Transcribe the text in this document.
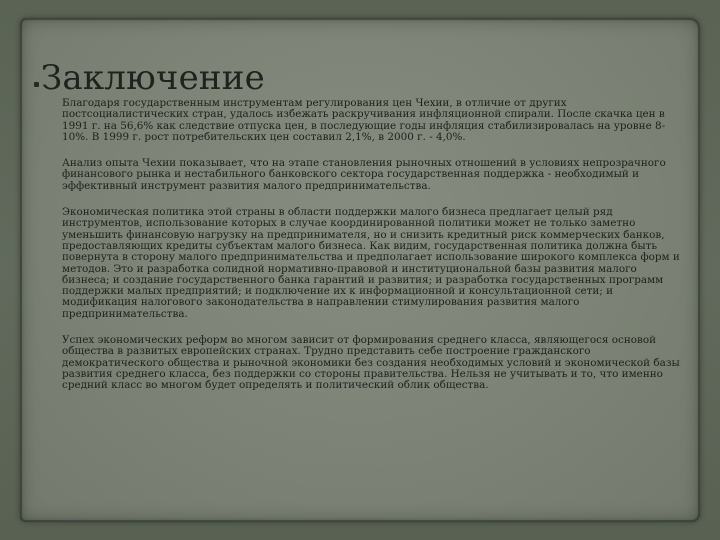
Заключение

Благодаря государственным инструментам регулирования цен Чехии, в отличие от других постсоциалистических стран, удалось избежать раскручивания инфляционной спирали. После скачка цен в 1991 г. на 56,6% как следствие отпуска цен, в последующие годы инфляция стабилизировалась на уровне 8-10%. В 1999 г. рост потребительских цен составил 2,1%, в 2000 г. - 4,0%.

Анализ опыта Чехии показывает, что на этапе становления рыночных отношений в условиях непрозрачного финансового рынка и нестабильного банковского сектора государственная поддержка - необходимый и эффективный инструмент развития малого предпринимательства.

Экономическая политика этой страны в области поддержки малого бизнеса предлагает целый ряд инструментов, использование которых в случае координированной политики может не только заметно уменьшить финансовую нагрузку на предпринимателя, но и снизить кредитный риск коммерческих банков, предоставляющих кредиты субъектам малого бизнеса. Как видим, государственная политика должна быть повернута в сторону малого предпринимательства и предполагает использование широкого комплекса форм и методов. Это и разработка солидной нормативно-правовой и институциональной базы развития малого бизнеса; и создание государственного банка гарантий и развития; и разработка государственных программ поддержки малых предприятий; и подключение их к информационной и консультационной сети; и модификация налогового законодательства в направлении стимулирования развития малого предпринимательства.

Успех экономических реформ во многом зависит от формирования среднего класса, являющегося основой общества в развитых европейских странах. Трудно представить себе построение гражданского демократического общества и рыночной экономики без создания необходимых условий и экономической базы развития среднего класса, без поддержки со стороны правительства. Нельзя не учитывать и то, что именно средний класс во многом будет определять и политический облик общества.
